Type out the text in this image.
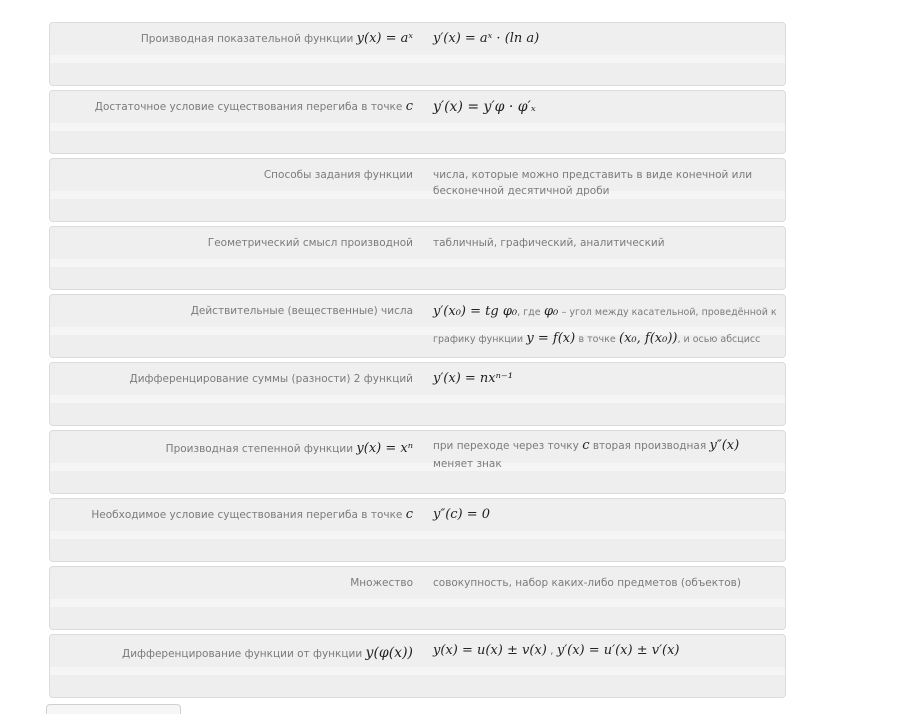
Производная показательной функции y(x) = aˣ y′(x) = aˣ · (ln a)
Достаточное условие существования перегиба в точке c y′(x) = y′φ · φ′ₓ
Способы задания функции числа, которые можно представить в виде конечной или бесконечной десятичной дроби
Геометрический смысл производной табличный, графический, аналитический
Действительные (вещественные) числа y′(x₀) = tg φ₀, где φ₀ – угол между касательной, проведённой к графику функции y = f(x) в точке (x₀, f(x₀)), и осью абсцисс
Дифференцирование суммы (разности) 2 функций y′(x) = nxⁿ⁻¹
Производная степенной функции y(x) = xⁿ при переходе через точку c вторая производная y″(x) меняет знак
Необходимое условие существования перегиба в точке c y″(c) = 0
Множество совокупность, набор каких-либо предметов (объектов)
Дифференцирование функции от функции y(φ(x)) y(x) = u(x) ± v(x) , y′(x) = u′(x) ± v′(x)
